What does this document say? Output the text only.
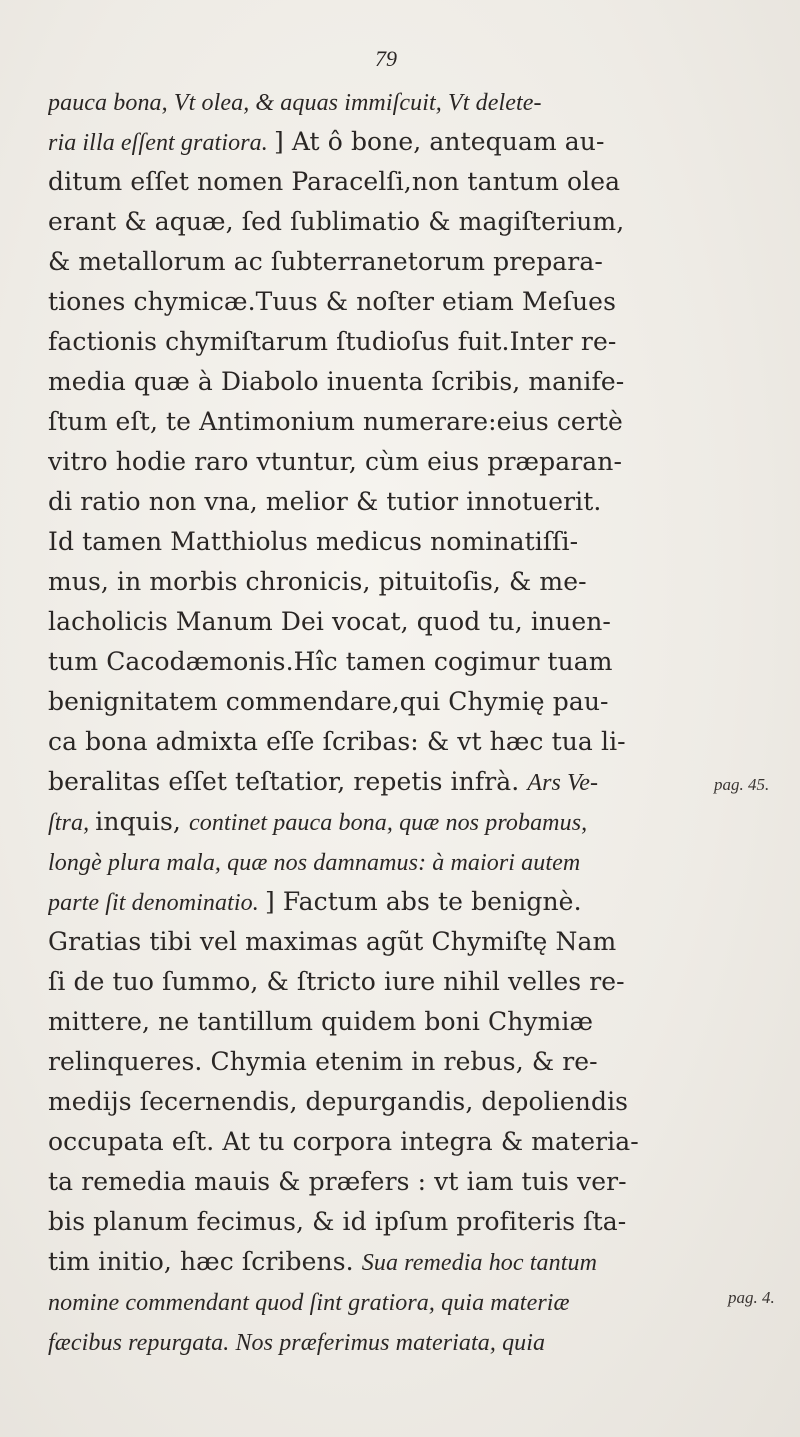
79
pauca bona, Vt olea, & aquas immiſcuit, Vt delete-
ria illa eſſent gratiora. ] At ô bone, antequam au-
ditum eſſet nomen Paracelſi,non tantum olea
erant & aquæ, ſed ſublimatio & magiſterium,
& metallorum ac ſubterranetorum prepara-
tiones chymicæ.Tuus & noſter etiam Meſues
factionis chymiſtarum ſtudioſus fuit.Inter re-
media quæ à Diabolo inuenta ſcribis, manife-
ſtum eſt, te Antimonium numerare:eius certè
vitro hodie raro vtuntur, cùm eius præparan-
di ratio non vna, melior & tutior innotuerit.
Id tamen Matthiolus medicus nominatiſſi-
mus, in morbis chronicis, pituitoſis, & me-
lacholicis Manum Dei vocat, quod tu, inuen-
tum Cacodæmonis.Hîc tamen cogimur tuam
benignitatem commendare,qui Chymię pau-
ca bona admixta eſſe ſcribas: & vt hæc tua li-
beralitas eſſet teſtatior, repetis infrà. Ars Ve-
ſtra, inquis, continet pauca bona, quæ nos probamus,
longè plura mala, quæ nos damnamus: à maiori autem
parte ſit denominatio. ] Factum abs te benignè.
Gratias tibi vel maximas agũt Chymiſtę Nam
ſi de tuo ſummo, & ſtricto iure nihil velles re-
mittere, ne tantillum quidem boni Chymiæ
relinqueres. Chymia etenim in rebus, & re-
medijs ſecernendis, depurgandis, depoliendis
occupata eſt. At tu corpora integra & materia-
ta remedia mauis & præfers : vt iam tuis ver-
bis planum fecimus, & id ipſum profiteris ſta-
tim initio, hæc ſcribens. Sua remedia hoc tantum
nomine commendant quod ſint gratiora, quia materiæ
fæcibus repurgata. Nos præferimus materiata, quia
pag. 45.
pag. 4.
